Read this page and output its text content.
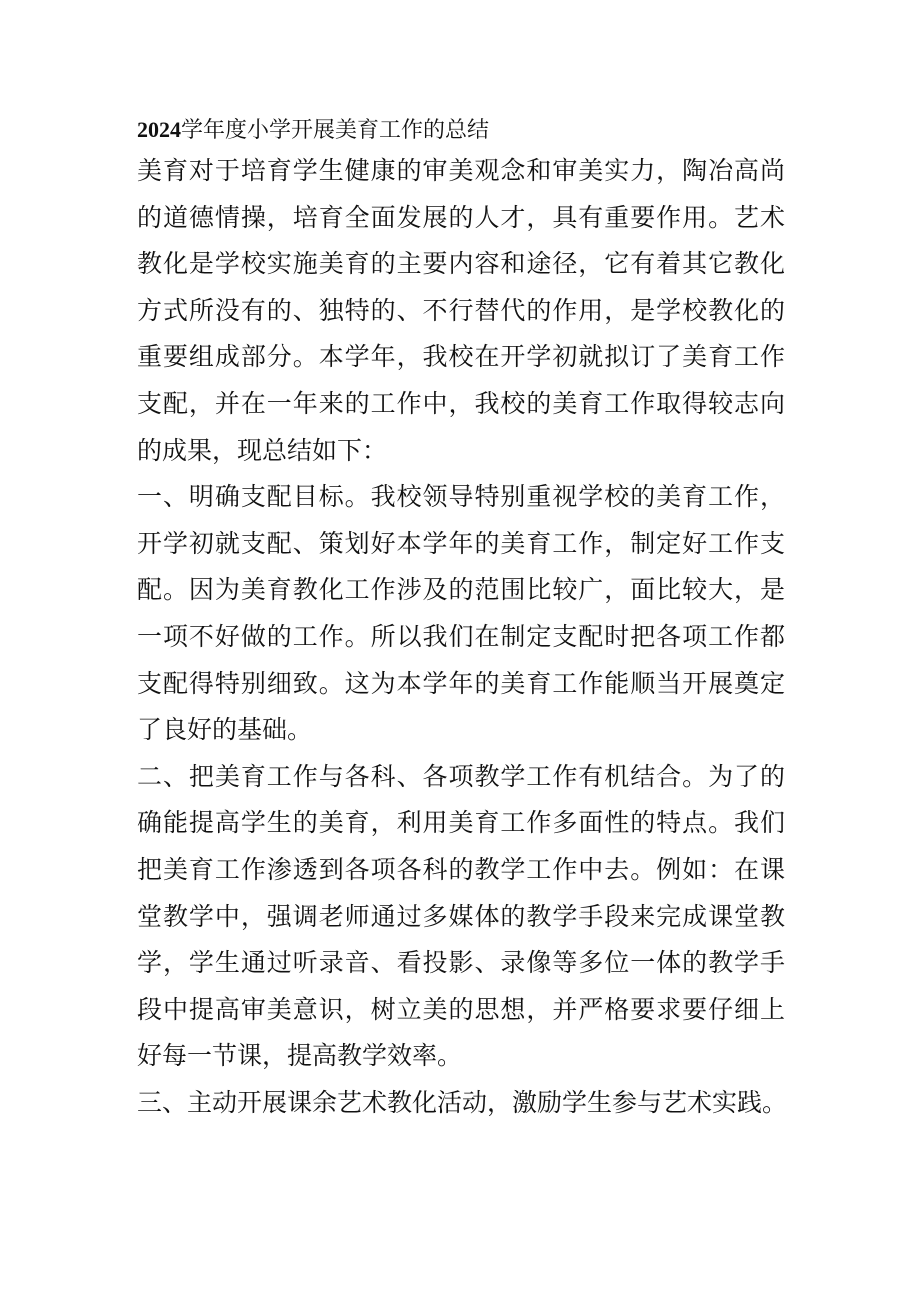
2024学年度小学开展美育工作的总结
美育对于培育学生健康的审美观念和审美实力，陶冶高尚
的道德情操，培育全面发展的人才，具有重要作用。艺术
教化是学校实施美育的主要内容和途径，它有着其它教化
方式所没有的、独特的、不行替代的作用，是学校教化的
重要组成部分。本学年，我校在开学初就拟订了美育工作
支配，并在一年来的工作中，我校的美育工作取得较志向
的成果，现总结如下：
一、明确支配目标。我校领导特别重视学校的美育工作，
开学初就支配、策划好本学年的美育工作，制定好工作支
配。因为美育教化工作涉及的范围比较广，面比较大，是
一项不好做的工作。所以我们在制定支配时把各项工作都
支配得特别细致。这为本学年的美育工作能顺当开展奠定
了良好的基础。
二、把美育工作与各科、各项教学工作有机结合。为了的
确能提高学生的美育，利用美育工作多面性的特点。我们
把美育工作渗透到各项各科的教学工作中去。例如：在课
堂教学中，强调老师通过多媒体的教学手段来完成课堂教
学，学生通过听录音、看投影、录像等多位一体的教学手
段中提高审美意识，树立美的思想，并严格要求要仔细上
好每一节课，提高教学效率。
三、主动开展课余艺术教化活动，激励学生参与艺术实践。
